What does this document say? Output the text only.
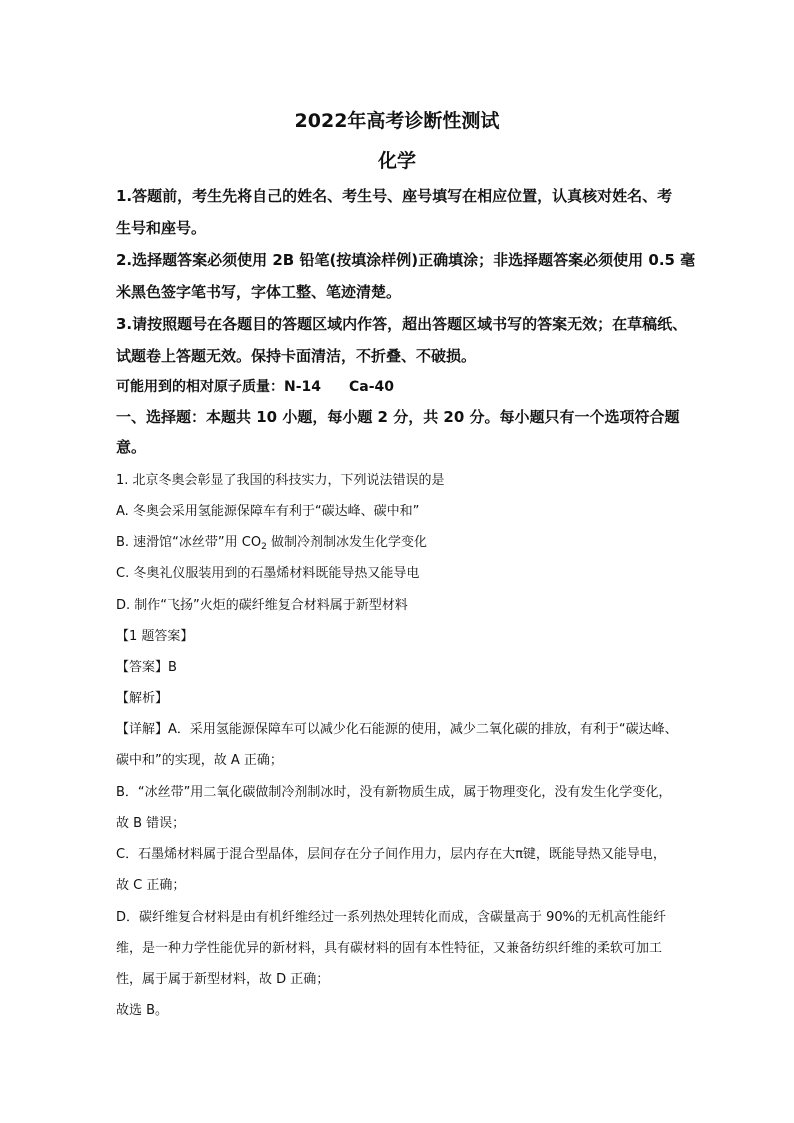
2022年高考诊断性测试
化学
1.答题前，考生先将自己的姓名、考生号、座号填写在相应位置，认真核对姓名、考
生号和座号。
2.选择题答案必须使用 2B 铅笔(按填涂样例)正确填涂；非选择题答案必须使用 0.5 毫
米黑色签字笔书写，字体工整、笔迹清楚。
3.请按照题号在各题目的答题区域内作答，超出答题区域书写的答案无效；在草稿纸、
试题卷上答题无效。保持卡面清洁，不折叠、不破损。
可能用到的相对原子质量：N-14 Ca-40
一、选择题：本题共 10 小题，每小题 2 分，共 20 分。每小题只有一个选项符合题
意。
1. 北京冬奥会彰显了我国的科技实力，下列说法错误的是
A. 冬奥会采用氢能源保障车有利于“碳达峰、碳中和”
B. 速滑馆“冰丝带”用 $CO_2$ 做制冷剂制冰发生化学变化
C. 冬奥礼仪服装用到的石墨烯材料既能导热又能导电
D. 制作“飞扬”火炬的碳纤维复合材料属于新型材料
【1 题答案】
【答案】B
【解析】
【详解】A．采用氢能源保障车可以减少化石能源的使用，减少二氧化碳的排放，有利于“碳达峰、
碳中和”的实现，故 A 正确；
B．“冰丝带”用二氧化碳做制冷剂制冰时，没有新物质生成，属于物理变化，没有发生化学变化，
故 B 错误；
C．石墨烯材料属于混合型晶体，层间存在分子间作用力，层内存在大π键，既能导热又能导电，
故 C 正确；
D．碳纤维复合材料是由有机纤维经过一系列热处理转化而成，含碳量高于 90%的无机高性能纤
维，是一种力学性能优异的新材料，具有碳材料的固有本性特征，又兼备纺织纤维的柔软可加工
性，属于属于新型材料，故 D 正确；
故选 B。
